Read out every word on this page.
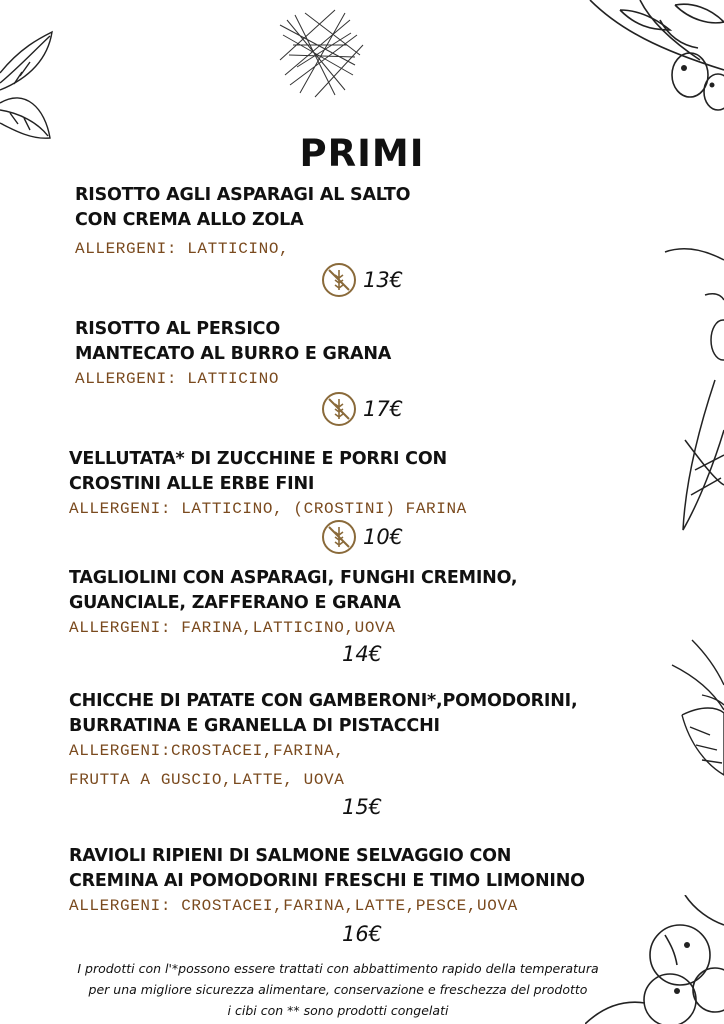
PRIMI
RISOTTO AGLI ASPARAGI AL SALTO
CON CREMA ALLO ZOLA
ALLERGENI: LATTICINO,
13€
RISOTTO AL PERSICO
MANTECATO AL BURRO E GRANA
ALLERGENI: LATTICINO
17€
VELLUTATA* DI ZUCCHINE E PORRI CON
CROSTINI ALLE ERBE FINI
ALLERGENI: LATTICINO, (CROSTINI) FARINA
10€
TAGLIOLINI CON ASPARAGI, FUNGHI CREMINO,
GUANCIALE, ZAFFERANO E GRANA
ALLERGENI: FARINA,LATTICINO,UOVA
14€
CHICCHE DI PATATE CON GAMBERONI*,POMODORINI,
BURRATINA E GRANELLA DI PISTACCHI
ALLERGENI:CROSTACEI,FARINA,
FRUTTA A GUSCIO,LATTE, UOVA
15€
RAVIOLI RIPIENI DI SALMONE SELVAGGIO CON
CREMINA AI POMODORINI FRESCHI E TIMO LIMONINO
ALLERGENI: CROSTACEI,FARINA,LATTE,PESCE,UOVA
16€
I prodotti con l'*possono essere trattati con abbattimento rapido della temperatura
per una migliore sicurezza alimentare, conservazione e freschezza del prodotto
i cibi con ** sono prodotti congelati
